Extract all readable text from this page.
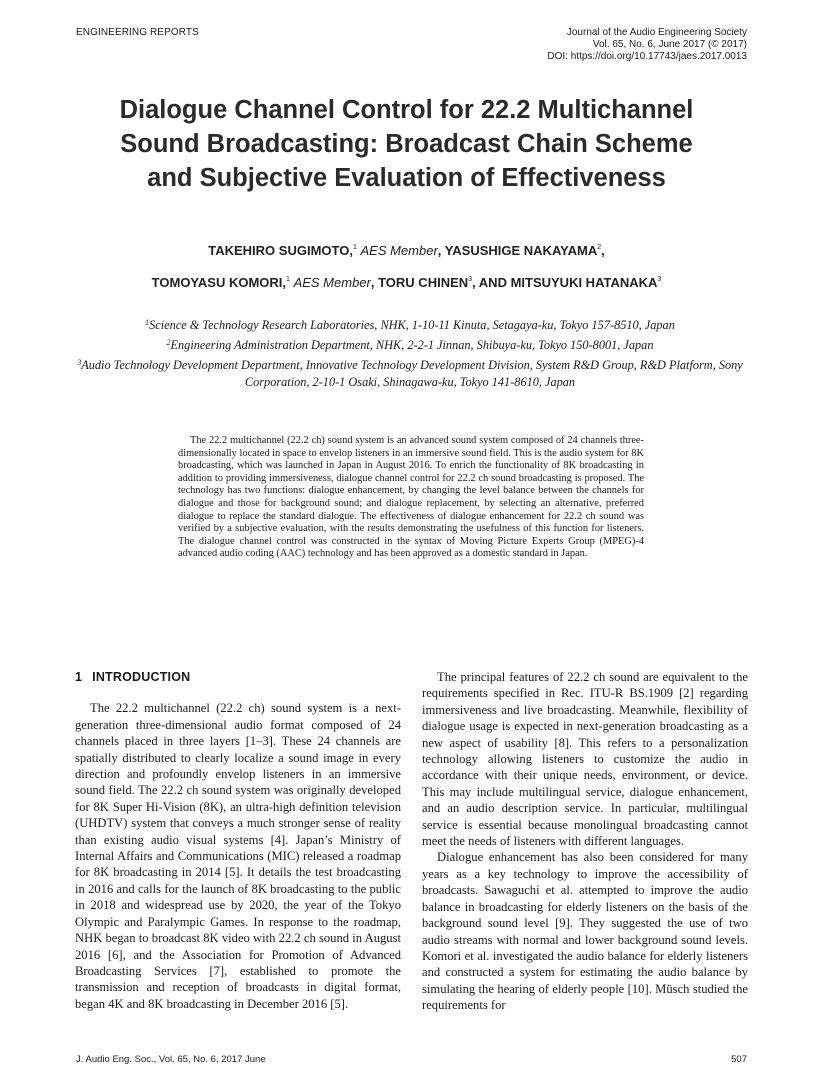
ENGINEERING REPORTS	Journal of the Audio Engineering Society
Vol. 65, No. 6, June 2017 (© 2017)
DOI: https://doi.org/10.17743/jaes.2017.0013
Dialogue Channel Control for 22.2 Multichannel
Sound Broadcasting: Broadcast Chain Scheme
and Subjective Evaluation of Effectiveness
TAKEHIRO SUGIMOTO,$^1$ AES Member, YASUSHIGE NAKAYAMA$^2$,
TOMOYASU KOMORI,$^1$ AES Member, TORU CHINEN$^3$, AND MITSUYUKI HATANAKA$^3$
$^1$Science & Technology Research Laboratories, NHK, 1-10-11 Kinuta, Setagaya-ku, Tokyo 157-8510, Japan
$^2$Engineering Administration Department, NHK, 2-2-1 Jinnan, Shibuya-ku, Tokyo 150-8001, Japan
$^3$Audio Technology Development Department, Innovative Technology Development Division, System R&D Group, R&D Platform, Sony Corporation, 2-10-1 Osaki, Shinagawa-ku, Tokyo 141-8610, Japan
The 22.2 multichannel (22.2 ch) sound system is an advanced sound system composed of 24 channels three-dimensionally located in space to envelop listeners in an immersive sound field. This is the audio system for 8K broadcasting, which was launched in Japan in August 2016. To enrich the functionality of 8K broadcasting in addition to providing immersiveness, dialogue channel control for 22.2 ch sound broadcasting is proposed. The technology has two functions: dialogue enhancement, by changing the level balance between the channels for dialogue and those for background sound; and dialogue replacement, by selecting an alternative, preferred dialogue to replace the standard dialogue. The effectiveness of dialogue enhancement for 22.2 ch sound was verified by a subjective evaluation, with the results demonstrating the usefulness of this function for listeners. The dialogue channel control was constructed in the syntax of Moving Picture Experts Group (MPEG)-4 advanced audio coding (AAC) technology and has been approved as a domestic standard in Japan.
1 INTRODUCTION

The 22.2 multichannel (22.2 ch) sound system is a next-generation three-dimensional audio format composed of 24 channels placed in three layers [1–3]. These 24 channels are spatially distributed to clearly localize a sound image in every direction and profoundly envelop listeners in an immersive sound field. The 22.2 ch sound system was originally developed for 8K Super Hi-Vision (8K), an ultra-high definition television (UHDTV) system that conveys a much stronger sense of reality than existing audio visual systems [4]. Japan’s Ministry of Internal Affairs and Communications (MIC) released a roadmap for 8K broadcasting in 2014 [5]. It details the test broadcasting in 2016 and calls for the launch of 8K broadcasting to the public in 2018 and widespread use by 2020, the year of the Tokyo Olympic and Paralympic Games. In response to the roadmap, NHK began to broadcast 8K video with 22.2 ch sound in August 2016 [6], and the Association for Promotion of Advanced Broadcasting Services [7], established to promote the transmission and reception of broadcasts in digital format, began 4K and 8K broadcasting in December 2016 [5].

The principal features of 22.2 ch sound are equivalent to the requirements specified in Rec. ITU-R BS.1909 [2] regarding immersiveness and live broadcasting. Meanwhile, flexibility of dialogue usage is expected in next-generation broadcasting as a new aspect of usability [8]. This refers to a personalization technology allowing listeners to customize the audio in accordance with their unique needs, environment, or device. This may include multilingual service, dialogue enhancement, and an audio description service. In particular, multilingual service is essential because monolingual broadcasting cannot meet the needs of listeners with different languages.

Dialogue enhancement has also been considered for many years as a key technology to improve the accessibility of broadcasts. Sawaguchi et al. attempted to improve the audio balance in broadcasting for elderly listeners on the basis of the background sound level [9]. They suggested the use of two audio streams with normal and lower background sound levels. Komori et al. investigated the audio balance for elderly listeners and constructed a system for estimating the audio balance by simulating the hearing of elderly people [10]. Müsch studied the requirements for

J. Audio Eng. Soc., Vol. 65, No. 6, 2017 June	507
